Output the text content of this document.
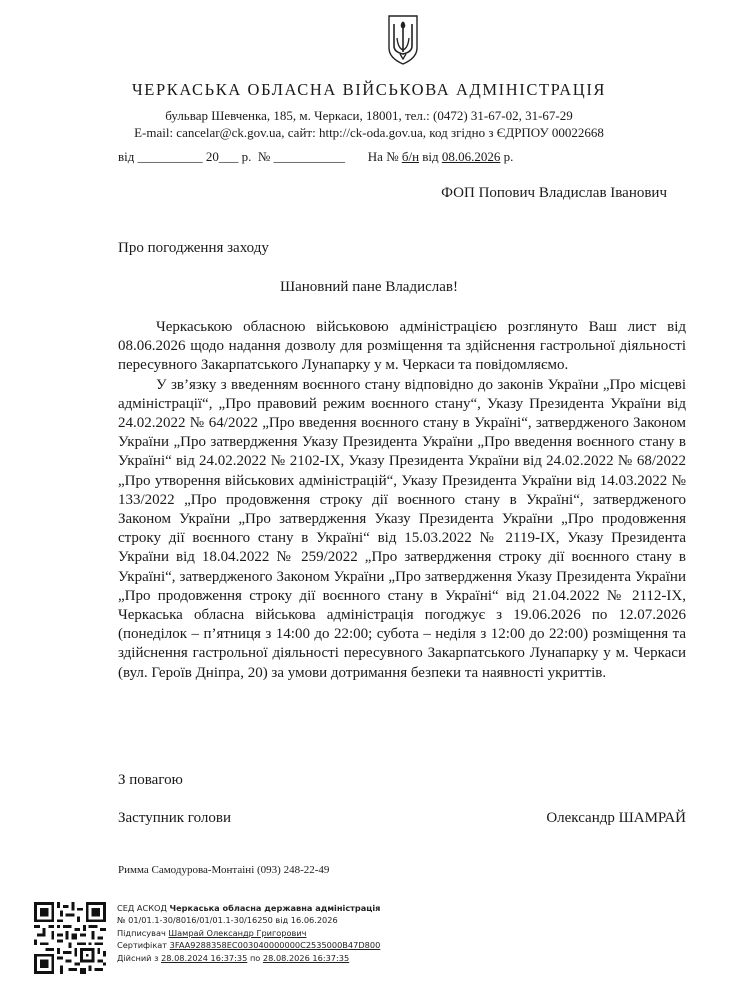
ЧЕРКАСЬКА ОБЛАСНА ВІЙСЬКОВА АДМІНІСТРАЦІЯ
бульвар Шевченка, 185, м. Черкаси, 18001, тел.: (0472) 31-67-02, 31-67-29
E-mail: cancelar@ck.gov.ua, сайт: http://ck-oda.gov.ua, код згідно з ЄДРПОУ 00022668
від __________ 20___ р. № ___________ На № б/н від 08.06.2026 р.
ФОП Попович Владислав Іванович
Про погодження заходу
Шановний пане Владислав!

Черкаською обласною військовою адміністрацією розглянуто Ваш лист від 08.06.2026 щодо надання дозволу для розміщення та здійснення гастрольної діяльності пересувного Закарпатського Лунапарку у м. Черкаси та повідомляємо.

У зв’язку з введенням воєнного стану відповідно до законів України „Про місцеві адміністрації“, „Про правовий режим воєнного стану“, Указу Президента України від 24.02.2022 № 64/2022 „Про введення воєнного стану в Україні“, затвердженого Законом України „Про затвердження Указу Президента України „Про введення воєнного стану в Україні“ від 24.02.2022 № 2102-IX, Указу Президента України від 24.02.2022 № 68/2022 „Про утворення військових адміністрацій“, Указу Президента України від 14.03.2022 № 133/2022 „Про продовження строку дії воєнного стану в Україні“, затвердженого Законом України „Про затвердження Указу Президента України „Про продовження строку дії воєнного стану в Україні“ від 15.03.2022 № 2119-IX, Указу Президента України від 18.04.2022 № 259/2022 „Про затвердження строку дії воєнного стану в Україні“, затвердженого Законом України „Про затвердження Указу Президента України „Про продовження строку дії воєнного стану в Україні“ від 21.04.2022 № 2112-IX, Черкаська обласна військова адміністрація погоджує з 19.06.2026 по 12.07.2026 (понеділок – п’ятниця з 14:00 до 22:00; субота – неділя з 12:00 до 22:00) розміщення та здійснення гастрольної діяльності пересувного Закарпатського Лунапарку у м. Черкаси (вул. Героїв Дніпра, 20) за умови дотримання безпеки та наявності укриттів.

З повагою
Заступник голови	Олександр ШАМРАЙ
Римма Самодурова-Монтаіні (093) 248-22-49
СЕД АСКОД Черкаська обласна державна адміністрація
№ 01/01.1-30/8016/01/01.1-30/16250 від 16.06.2026
Підписувач Шамрай Олександр Григорович
Сертифікат 3FAA9288358EC003040000000C2535000B47D800
Дійсний з 28.08.2024 16:37:35 по 28.08.2026 16:37:35
